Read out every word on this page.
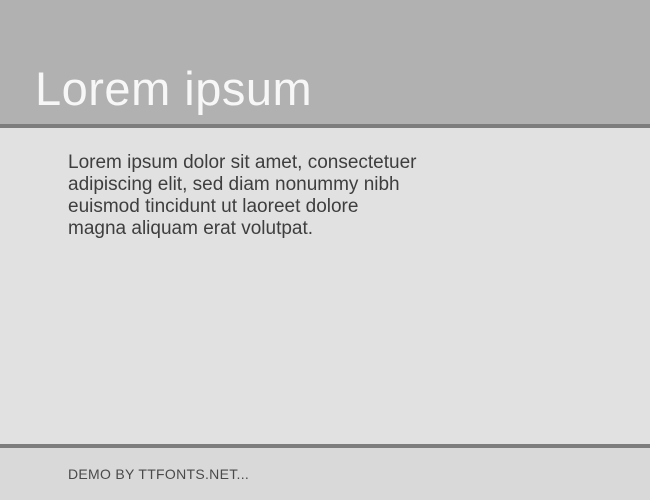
Lorem ipsum

Lorem ipsum dolor sit amet, consectetuer
adipiscing elit, sed diam nonummy nibh
euismod tincidunt ut laoreet dolore
magna aliquam erat volutpat.

DEMO BY TTFONTS.NET...
